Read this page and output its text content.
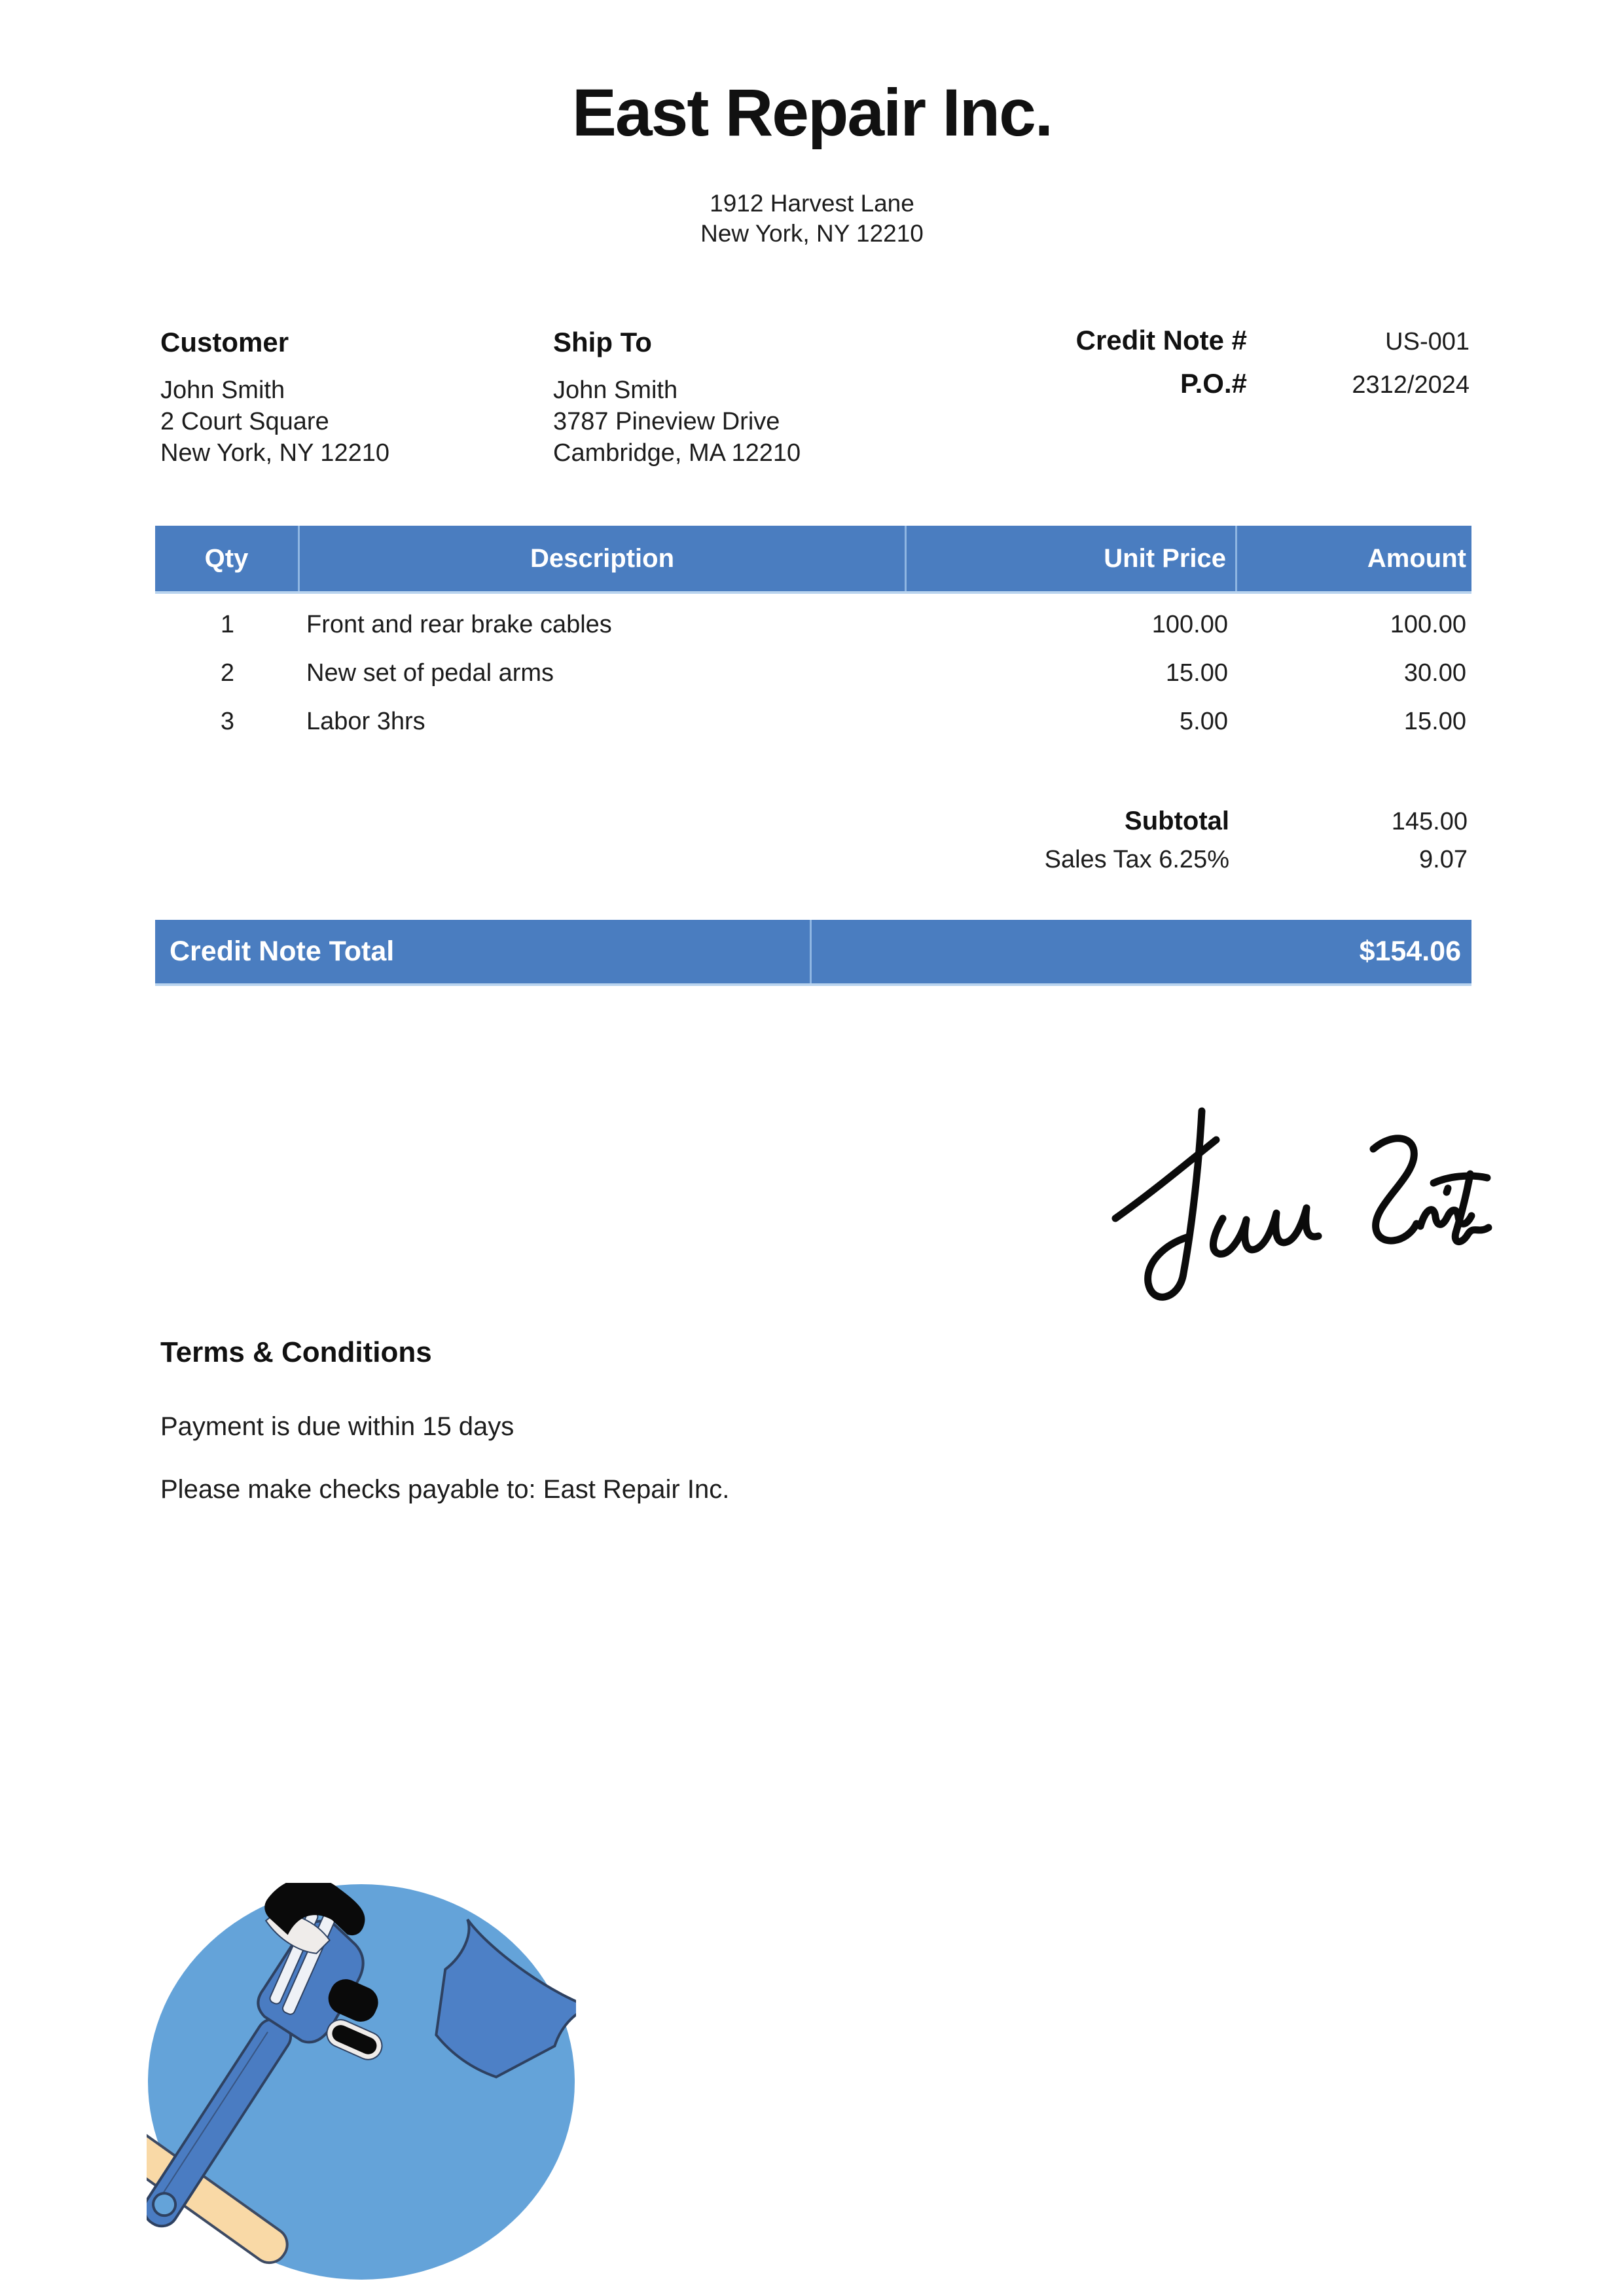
East Repair Inc.
1912 Harvest Lane
New York, NY 12210
Customer
John Smith
2 Court Square
New York, NY 12210
Ship To
John Smith
3787 Pineview Drive
Cambridge, MA 12210
Credit Note #	US-001
P.O.#	2312/2024
Qty	Description	Unit Price	Amount
1	Front and rear brake cables	100.00	100.00
2	New set of pedal arms	15.00	30.00
3	Labor 3hrs	5.00	15.00
Subtotal	145.00
Sales Tax 6.25%	9.07
Credit Note Total	$154.06
Terms & Conditions
Payment is due within 15 days
Please make checks payable to: East Repair Inc.
